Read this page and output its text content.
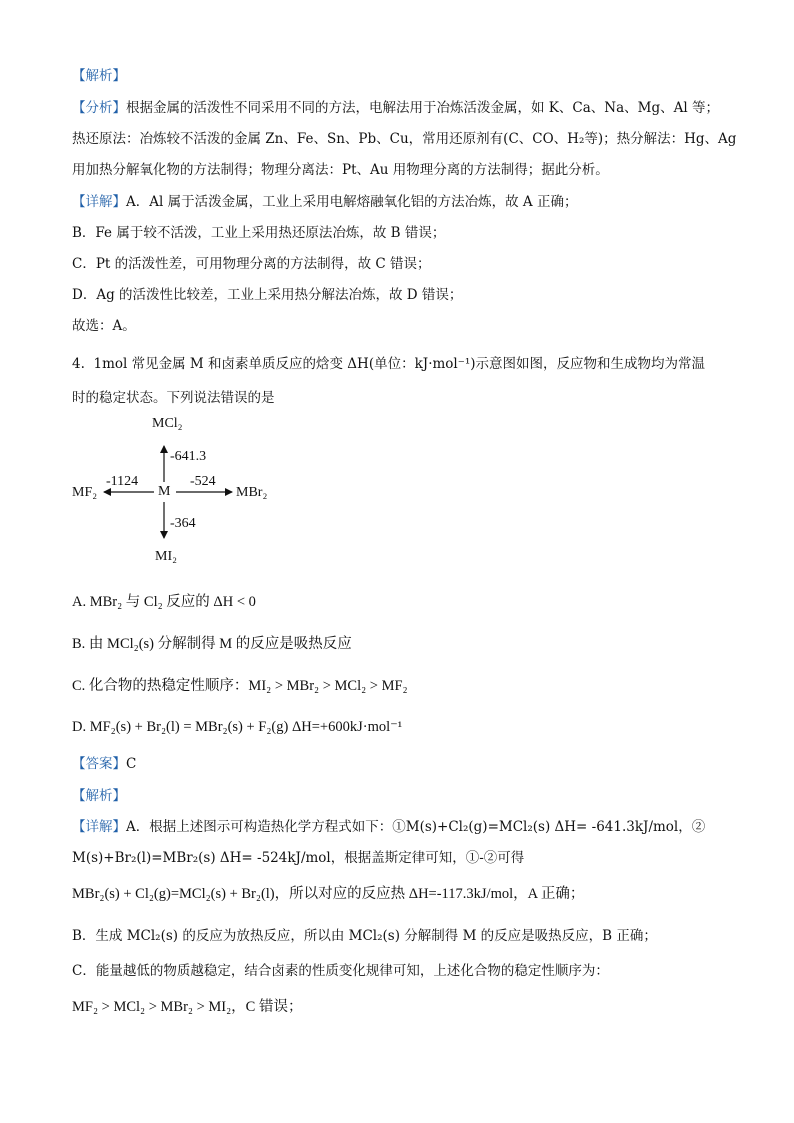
【解析】
【分析】根据金属的活泼性不同采用不同的方法，电解法用于冶炼活泼金属，如 K、Ca、Na、Mg、Al 等；
热还原法：冶炼较不活泼的金属 Zn、Fe、Sn、Pb、Cu，常用还原剂有(C、CO、H₂等)；热分解法：Hg、Ag
用加热分解氧化物的方法制得；物理分离法：Pt、Au 用物理分离的方法制得；据此分析。
【详解】A．Al 属于活泼金属，工业上采用电解熔融氧化铝的方法冶炼，故 A 正确；
B．Fe 属于较不活泼，工业上采用热还原法冶炼，故 B 错误；
C．Pt 的活泼性差，可用物理分离的方法制得，故 C 错误；
D．Ag 的活泼性比较差，工业上采用热分解法冶炼，故 D 错误；
故选：A。
4. 1mol 常见金属 M 和卤素单质反应的焓变 ΔH(单位：kJ·mol⁻¹)示意图如图，反应物和生成物均为常温
时的稳定状态。下列说法错误的是
M
MCl₂
-641.3
MF₂
-1124
MBr₂
-524
MI₂
-364
A. MBr₂ 与 Cl₂ 反应的 ΔH < 0
B. 由 MCl₂(s) 分解制得 M 的反应是吸热反应
C. 化合物的热稳定性顺序：MI₂ > MBr₂ > MCl₂ > MF₂
D. MF₂(s) + Br₂(l) = MBr₂(s) + F₂(g) ΔH=+600kJ·mol⁻¹
【答案】C
【解析】
【详解】A．根据上述图示可构造热化学方程式如下：①M(s)+Cl₂(g)=MCl₂(s) ΔH= -641.3kJ/mol，②
M(s)+Br₂(l)=MBr₂(s) ΔH= -524kJ/mol，根据盖斯定律可知，①-②可得
MBr₂(s) + Cl₂(g)=MCl₂(s) + Br₂(l)，所以对应的反应热 ΔH=-117.3kJ/mol，A 正确；
B．生成 MCl₂(s) 的反应为放热反应，所以由 MCl₂(s) 分解制得 M 的反应是吸热反应，B 正确；
C．能量越低的物质越稳定，结合卤素的性质变化规律可知，上述化合物的稳定性顺序为：
MF₂ > MCl₂ > MBr₂ > MI₂，C 错误；
